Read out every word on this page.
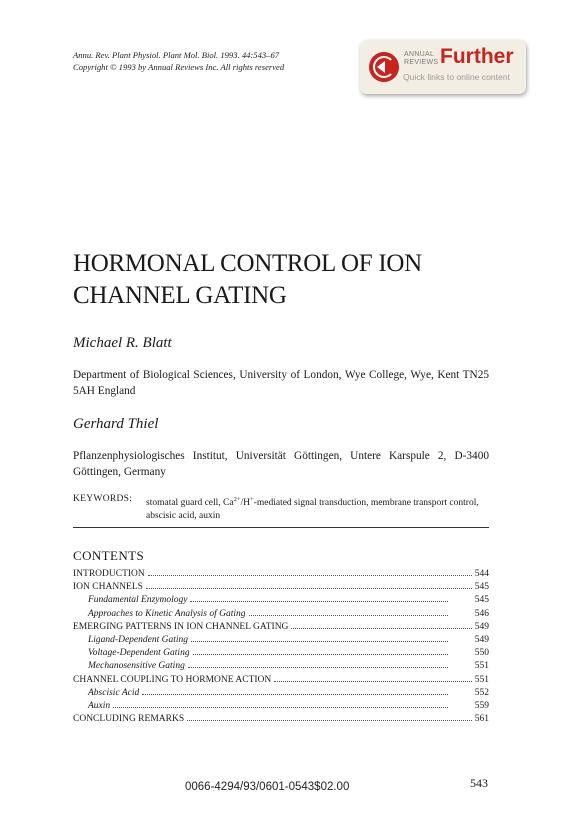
Annu. Rev. Plant Physiol. Plant Mol. Biol. 1993. 44:543–67
Copyright © 1993 by Annual Reviews Inc. All rights reserved
ANNUAL REVIEWS Further
Quick links to online content
HORMONAL CONTROL OF ION
CHANNEL GATING
Michael R. Blatt
Department of Biological Sciences, University of London, Wye College, Wye, Kent TN25 5AH England
Gerhard Thiel
Pflanzenphysiologisches Institut, Universität Göttingen, Untere Karspule 2, D-3400 Göttingen, Germany
KEYWORDS: stomatal guard cell, $Ca^{2+}/H^+$-mediated signal transduction, membrane transport control, abscisic acid, auxin
CONTENTS
INTRODUCTION	544
ION CHANNELS	545
Fundamental Enzymology	545
Approaches to Kinetic Analysis of Gating	546
EMERGING PATTERNS IN ION CHANNEL GATING	549
Ligand-Dependent Gating	549
Voltage-Dependent Gating	550
Mechanosensitive Gating	551
CHANNEL COUPLING TO HORMONE ACTION	551
Abscisic Acid	552
Auxin	559
CONCLUDING REMARKS	561
0066-4294/93/0601-0543$02.00	543
